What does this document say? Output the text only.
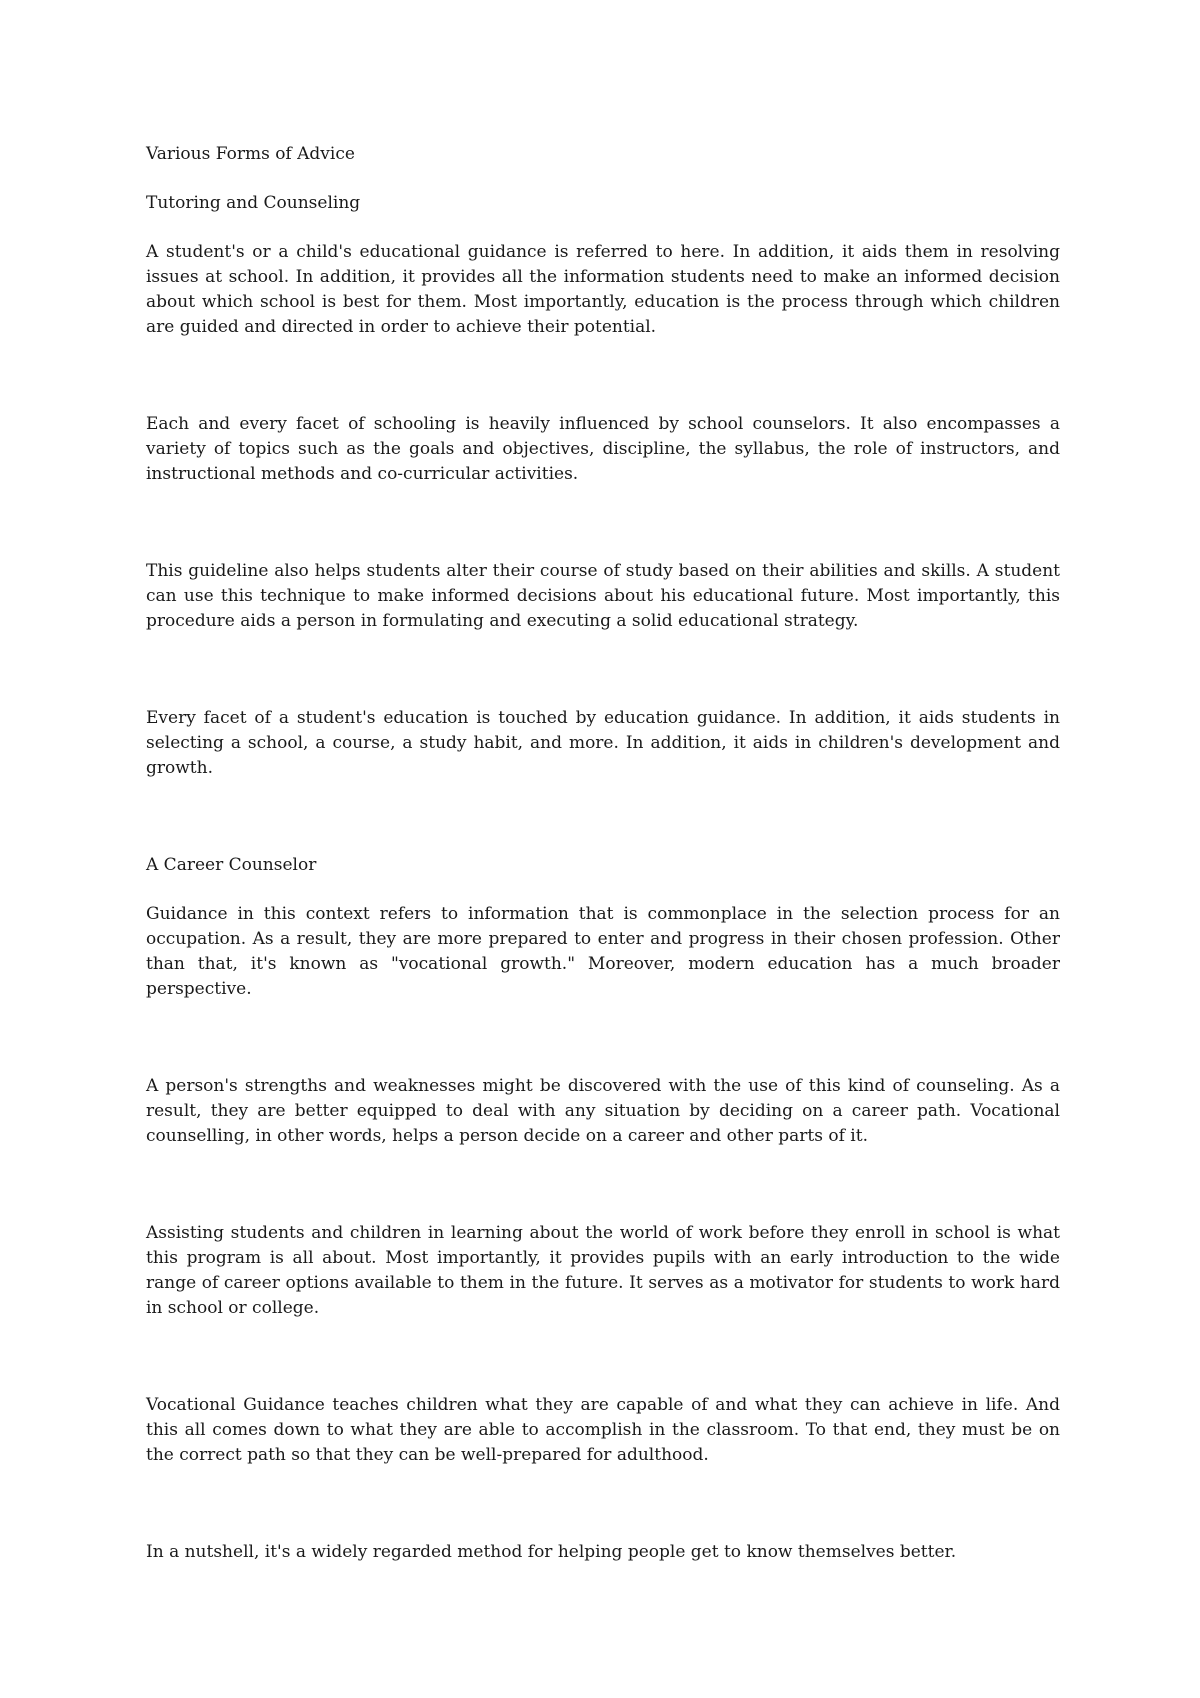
Various Forms of Advice

Tutoring and Counseling

A student's or a child's educational guidance is referred to here. In addition, it aids them in resolving issues at school. In addition, it provides all the information students need to make an informed decision about which school is best for them. Most importantly, education is the process through which children are guided and directed in order to achieve their potential.

Each and every facet of schooling is heavily influenced by school counselors. It also encompasses a variety of topics such as the goals and objectives, discipline, the syllabus, the role of instructors, and instructional methods and co-curricular activities.

This guideline also helps students alter their course of study based on their abilities and skills. A student can use this technique to make informed decisions about his educational future. Most importantly, this procedure aids a person in formulating and executing a solid educational strategy.

Every facet of a student's education is touched by education guidance. In addition, it aids students in selecting a school, a course, a study habit, and more. In addition, it aids in children's development and growth.

A Career Counselor

Guidance in this context refers to information that is commonplace in the selection process for an occupation. As a result, they are more prepared to enter and progress in their chosen profession. Other than that, it's known as "vocational growth." Moreover, modern education has a much broader perspective.

A person's strengths and weaknesses might be discovered with the use of this kind of counseling. As a result, they are better equipped to deal with any situation by deciding on a career path. Vocational counselling, in other words, helps a person decide on a career and other parts of it.

Assisting students and children in learning about the world of work before they enroll in school is what this program is all about. Most importantly, it provides pupils with an early introduction to the wide range of career options available to them in the future. It serves as a motivator for students to work hard in school or college.

Vocational Guidance teaches children what they are capable of and what they can achieve in life. And this all comes down to what they are able to accomplish in the classroom. To that end, they must be on the correct path so that they can be well-prepared for adulthood.

In a nutshell, it's a widely regarded method for helping people get to know themselves better.
